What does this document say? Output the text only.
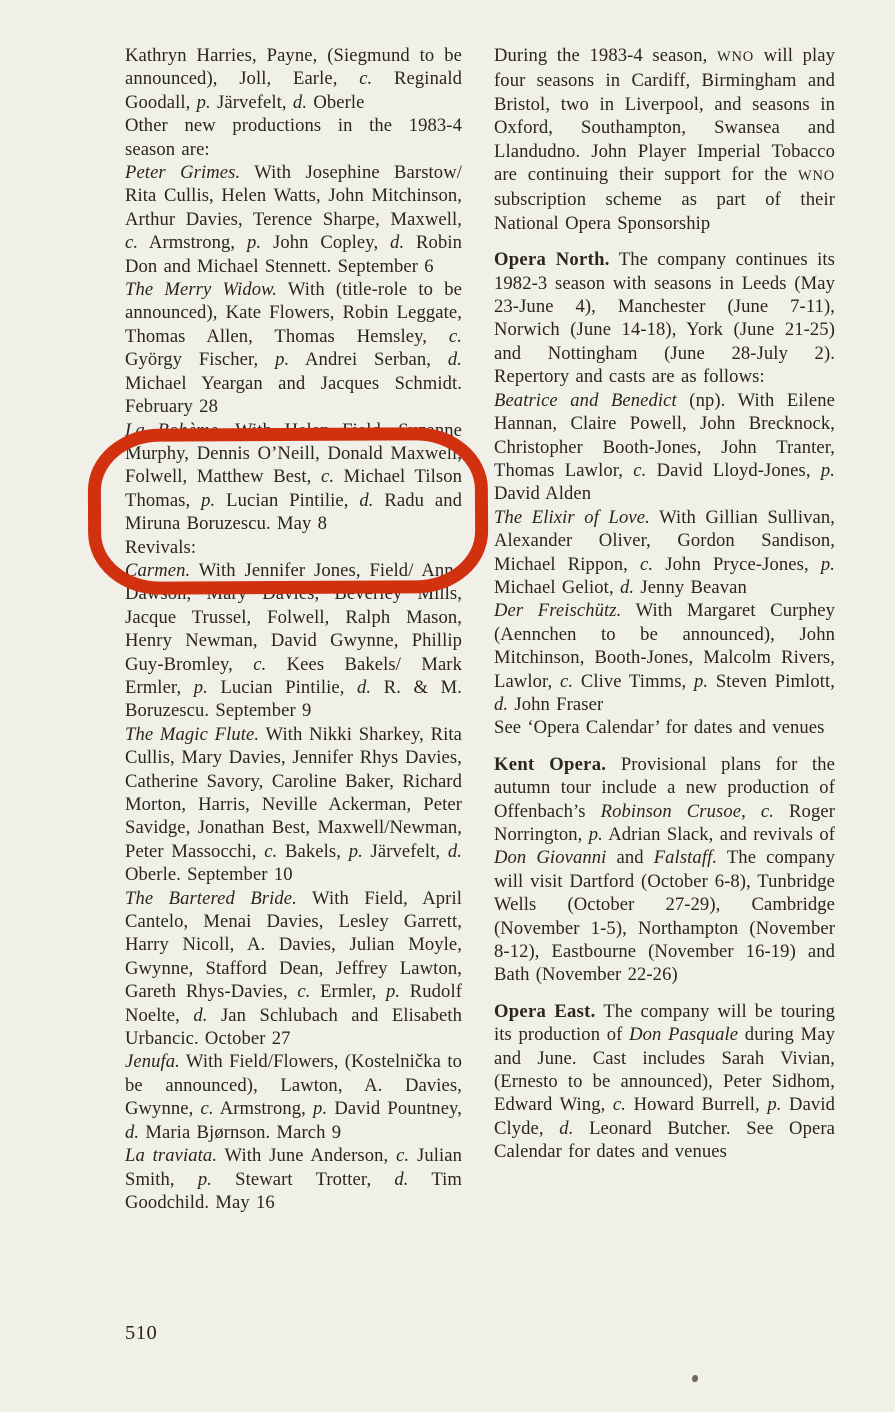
Kathryn Harries, Payne, (Siegmund to be announced), Joll, Earle, c. Reginald Goodall, p. Järvefelt, d. Oberle

Other new productions in the 1983-4 season are:

Peter Grimes. With Josephine Barstow/ Rita Cullis, Helen Watts, John Mitchinson, Arthur Davies, Terence Sharpe, Maxwell, c. Armstrong, p. John Copley, d. Robin Don and Michael Stennett. September 6

The Merry Widow. With (title-role to be announced), Kate Flowers, Robin Leggate, Thomas Allen, Thomas Hemsley, c. György Fischer, p. Andrei Serban, d. Michael Yeargan and Jacques Schmidt. February 28

La Bohème. With Helen Field, Suzanne Murphy, Dennis O’Neill, Donald Maxwell, Folwell, Matthew Best, c. Michael Tilson Thomas, p. Lucian Pintilie, d. Radu and Miruna Boruzescu. May 8

Revivals:

Carmen. With Jennifer Jones, Field/ Anne Dawson, Mary Davies, Beverley Mills, Jacque Trussel, Folwell, Ralph Mason, Henry Newman, David Gwynne, Phillip Guy-Bromley, c. Kees Bakels/ Mark Ermler, p. Lucian Pintilie, d. R. & M. Boruzescu. September 9

The Magic Flute. With Nikki Sharkey, Rita Cullis, Mary Davies, Jennifer Rhys Davies, Catherine Savory, Caroline Baker, Richard Morton, Harris, Neville Ackerman, Peter Savidge, Jonathan Best, Maxwell/Newman, Peter Massocchi, c. Bakels, p. Järvefelt, d. Oberle. September 10

The Bartered Bride. With Field, April Cantelo, Menai Davies, Lesley Garrett, Harry Nicoll, A. Davies, Julian Moyle, Gwynne, Stafford Dean, Jeffrey Lawton, Gareth Rhys-Davies, c. Ermler, p. Rudolf Noelte, d. Jan Schlubach and Elisabeth Urbancic. October 27

Jenufa. With Field/Flowers, (Kostelnička to be announced), Lawton, A. Davies, Gwynne, c. Armstrong, p. David Pountney, d. Maria Bjørnson. March 9

La traviata. With June Anderson, c. Julian Smith, p. Stewart Trotter, d. Tim Goodchild. May 16

During the 1983-4 season, WNO will play four seasons in Cardiff, Birmingham and Bristol, two in Liverpool, and seasons in Oxford, Southampton, Swansea and Llandudno. John Player Imperial Tobacco are continuing their support for the WNO subscription scheme as part of their National Opera Sponsorship

Opera North. The company continues its 1982-3 season with seasons in Leeds (May 23-June 4), Manchester (June 7-11), Norwich (June 14-18), York (June 21-25) and Nottingham (June 28-July 2). Repertory and casts are as follows:

Beatrice and Benedict (np). With Eilene Hannan, Claire Powell, John Brecknock, Christopher Booth-Jones, John Tranter, Thomas Lawlor, c. David Lloyd-Jones, p. David Alden

The Elixir of Love. With Gillian Sullivan, Alexander Oliver, Gordon Sandison, Michael Rippon, c. John Pryce-Jones, p. Michael Geliot, d. Jenny Beavan

Der Freischütz. With Margaret Curphey (Aennchen to be announced), John Mitchinson, Booth-Jones, Malcolm Rivers, Lawlor, c. Clive Timms, p. Steven Pimlott, d. John Fraser

See ‘Opera Calendar’ for dates and venues

Kent Opera. Provisional plans for the autumn tour include a new production of Offenbach’s Robinson Crusoe, c. Roger Norrington, p. Adrian Slack, and revivals of Don Giovanni and Falstaff. The company will visit Dartford (October 6-8), Tunbridge Wells (October 27-29), Cambridge (November 1-5), Northampton (November 8-12), Eastbourne (November 16-19) and Bath (November 22-26)

Opera East. The company will be touring its production of Don Pasquale during May and June. Cast includes Sarah Vivian, (Ernesto to be announced), Peter Sidhom, Edward Wing, c. Howard Burrell, p. David Clyde, d. Leonard Butcher. See Opera Calendar for dates and venues

510
